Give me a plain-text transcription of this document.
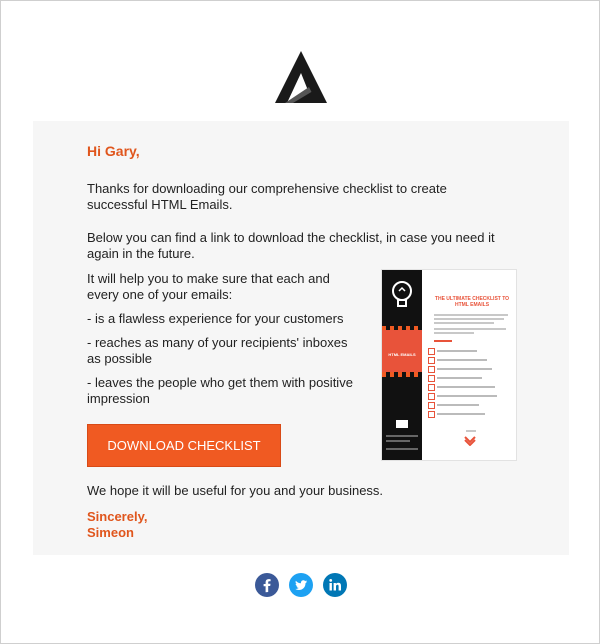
Hi Gary,
Thanks for downloading our comprehensive checklist to create successful HTML Emails.
Below you can find a link to download the checklist, in case you need it again in the future.
It will help you to make sure that each and every one of your emails:
- is a flawless experience for your customers
- reaches as many of your recipients' inboxes as possible
- leaves the people who get them with positive impression
DOWNLOAD CHECKLIST
We hope it will be useful for you and your business.
Sincerely,
Simeon
HTML EMAILS
THE ULTIMATE CHECKLIST TO HTML EMAILS
